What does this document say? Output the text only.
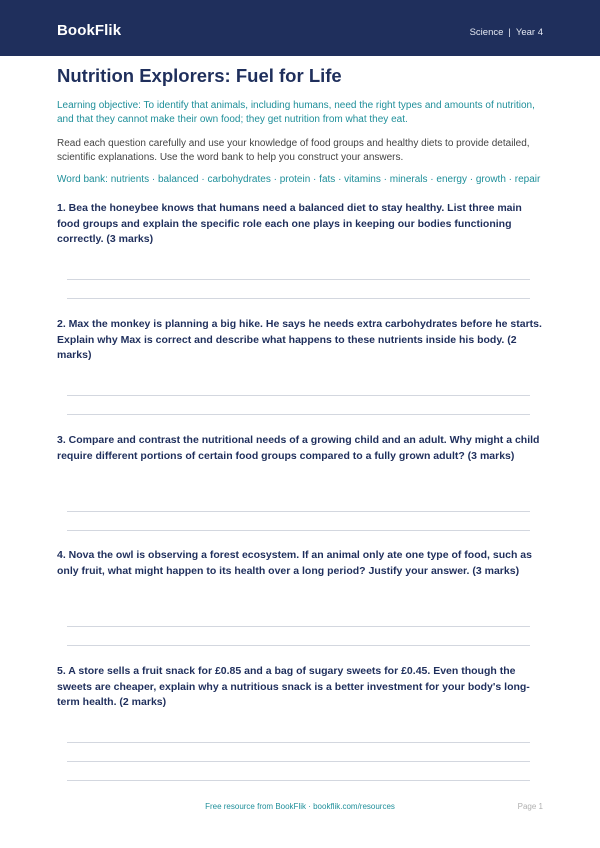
BookFlik	Science | Year 4
Nutrition Explorers: Fuel for Life
Learning objective: To identify that animals, including humans, need the right types and amounts of nutrition, and that they cannot make their own food; they get nutrition from what they eat.
Read each question carefully and use your knowledge of food groups and healthy diets to provide detailed, scientific explanations. Use the word bank to help you construct your answers.
Word bank: nutrients · balanced · carbohydrates · protein · fats · vitamins · minerals · energy · growth · repair
1. Bea the honeybee knows that humans need a balanced diet to stay healthy. List three main food groups and explain the specific role each one plays in keeping our bodies functioning correctly. (3 marks)
2. Max the monkey is planning a big hike. He says he needs extra carbohydrates before he starts. Explain why Max is correct and describe what happens to these nutrients inside his body. (2 marks)
3. Compare and contrast the nutritional needs of a growing child and an adult. Why might a child require different portions of certain food groups compared to a fully grown adult? (3 marks)
4. Nova the owl is observing a forest ecosystem. If an animal only ate one type of food, such as only fruit, what might happen to its health over a long period? Justify your answer. (3 marks)
5. A store sells a fruit snack for £0.85 and a bag of sugary sweets for £0.45. Even though the sweets are cheaper, explain why a nutritious snack is a better investment for your body's long-term health. (2 marks)
Free resource from BookFlik · bookflik.com/resources	Page 1
